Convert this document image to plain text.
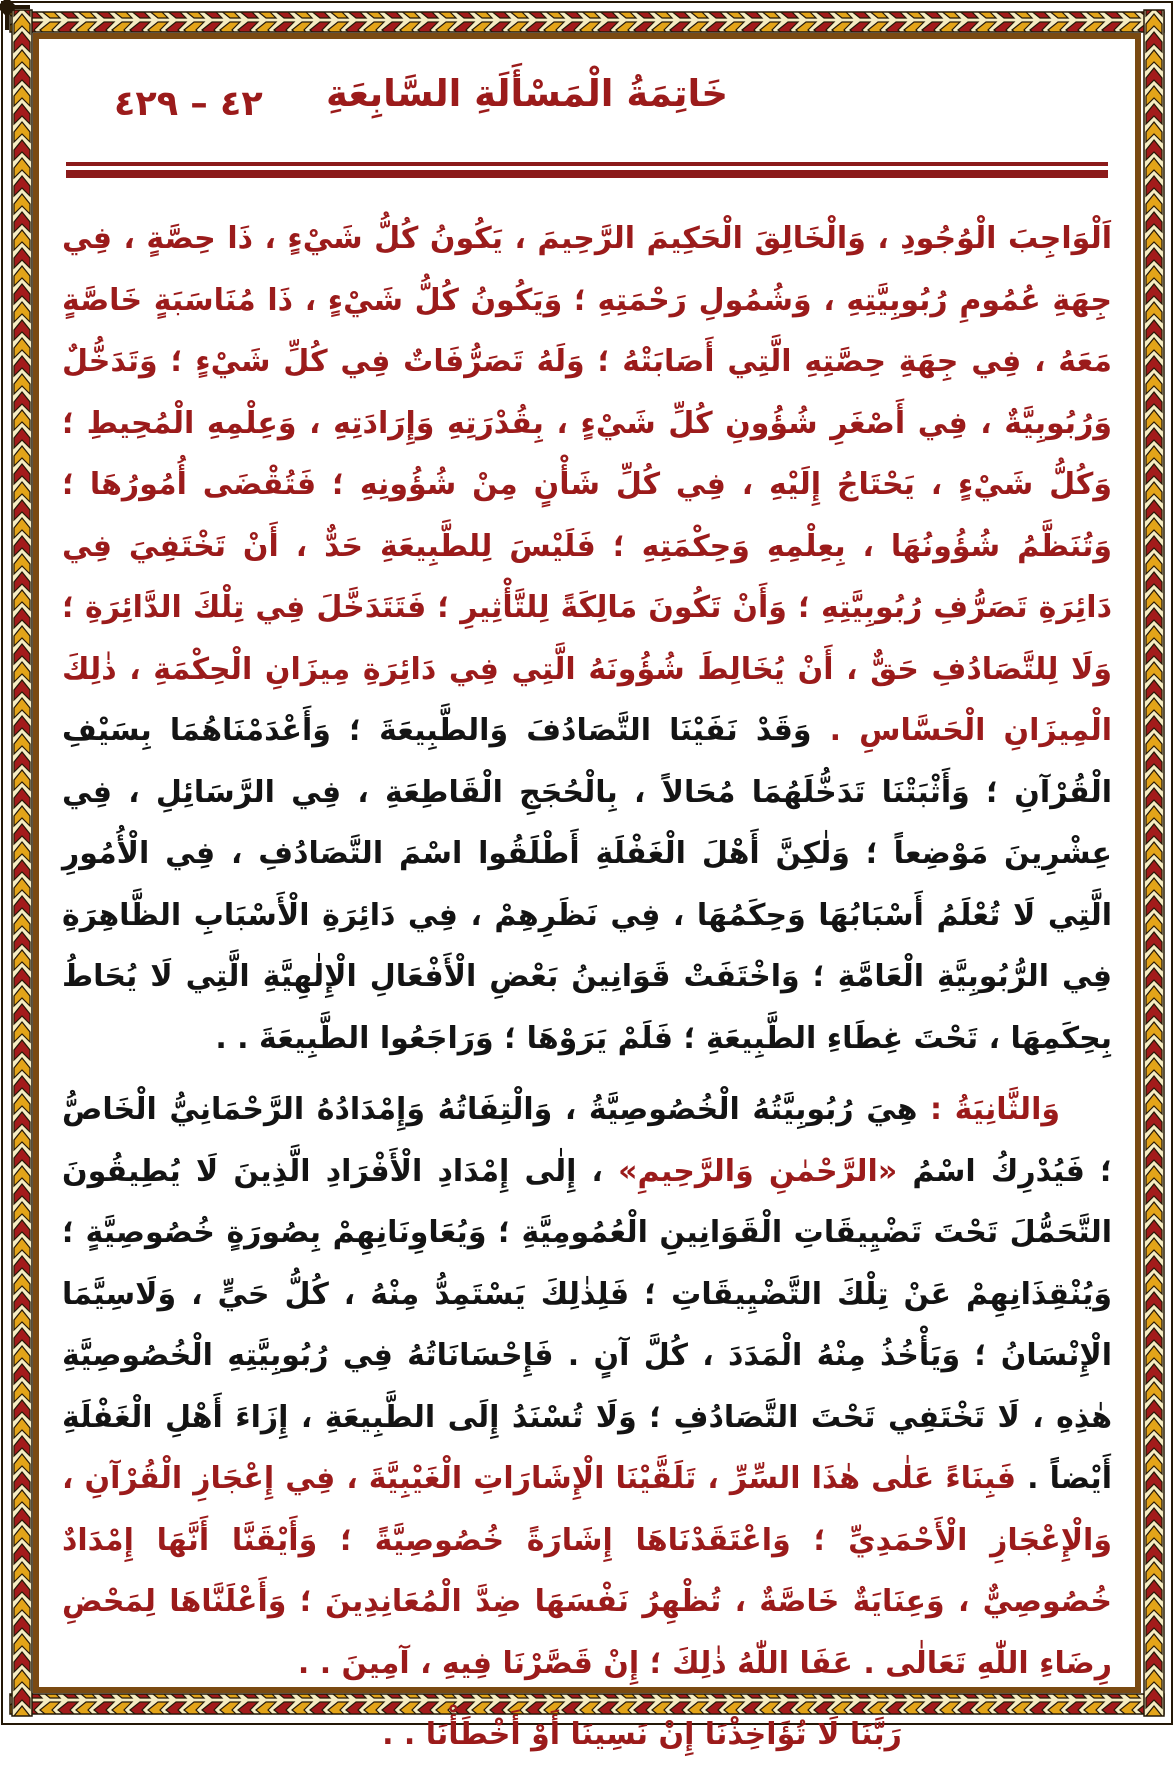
٤٢ – ٤٢٩	خَاتِمَةُ الْمَسْأَلَةِ السَّابِعَةِ

اَلْوَاجِبَ الْوُجُودِ ، وَالْخَالِقَ الْحَكِيمَ الرَّحِيمَ ، يَكُونُ كُلُّ شَيْءٍ ، ذَا حِصَّةٍ ، فِي جِهَةِ عُمُومِ رُبُوبِيَّتِهِ ، وَشُمُولِ رَحْمَتِهِ ؛ وَيَكُونُ كُلُّ شَيْءٍ ، ذَا مُنَاسَبَةٍ خَاصَّةٍ مَعَهُ ، فِي جِهَةِ حِصَّتِهِ الَّتِي أَصَابَتْهُ ؛ وَلَهُ تَصَرُّفَاتٌ فِي كُلِّ شَيْءٍ ؛ وَتَدَخُّلٌ وَرُبُوبِيَّةٌ ، فِي أَصْغَرِ شُؤُونِ كُلِّ شَيْءٍ ، بِقُدْرَتِهِ وَإِرَادَتِهِ ، وَعِلْمِهِ الْمُحِيطِ ؛ وَكُلُّ شَيْءٍ ، يَحْتَاجُ إِلَيْهِ ، فِي كُلِّ شَأْنٍ مِنْ شُؤُونِهِ ؛ فَتُقْضَى أُمُورُهَا ؛ وَتُنَظَّمُ شُؤُونُهَا ، بِعِلْمِهِ وَحِكْمَتِهِ ؛ فَلَيْسَ لِلطَّبِيعَةِ حَدٌّ ، أَنْ تَخْتَفِيَ فِي دَائِرَةِ تَصَرُّفِ رُبُوبِيَّتِهِ ؛ وَأَنْ تَكُونَ مَالِكَةً لِلتَّأْثِيرِ ؛ فَتَتَدَخَّلَ فِي تِلْكَ الدَّائِرَةِ ؛ وَلَا لِلتَّصَادُفِ حَقٌّ ، أَنْ يُخَالِطَ شُؤُونَهُ الَّتِي فِي دَائِرَةِ مِيزَانِ الْحِكْمَةِ ، ذٰلِكَ الْمِيزَانِ الْحَسَّاسِ . وَقَدْ نَفَيْنَا التَّصَادُفَ وَالطَّبِيعَةَ ؛ وَأَعْدَمْنَاهُمَا بِسَيْفِ الْقُرْآنِ ؛ وَأَثْبَتْنَا تَدَخُّلَهُمَا مُحَالاً ، بِالْحُجَجِ الْقَاطِعَةِ ، فِي الرَّسَائِلِ ، فِي عِشْرِينَ مَوْضِعاً ؛ وَلٰكِنَّ أَهْلَ الْغَفْلَةِ أَطْلَقُوا اسْمَ التَّصَادُفِ ، فِي الْأُمُورِ الَّتِي لَا تُعْلَمُ أَسْبَابُهَا وَحِكَمُهَا ، فِي نَظَرِهِمْ ، فِي دَائِرَةِ الْأَسْبَابِ الظَّاهِرَةِ فِي الرُّبُوبِيَّةِ الْعَامَّةِ ؛ وَاخْتَفَتْ قَوَانِينُ بَعْضِ الْأَفْعَالِ الْإِلٰهِيَّةِ الَّتِي لَا يُحَاطُ بِحِكَمِهَا ، تَحْتَ غِطَاءِ الطَّبِيعَةِ ؛ فَلَمْ يَرَوْهَا ؛ وَرَاجَعُوا الطَّبِيعَةَ . .

وَالثَّانِيَةُ : هِيَ رُبُوبِيَّتُهُ الْخُصُوصِيَّةُ ، وَالْتِفَاتُهُ وَإِمْدَادُهُ الرَّحْمَانِيُّ الْخَاصُّ ؛ فَيُدْرِكُ اسْمُ «الرَّحْمٰنِ وَالرَّحِيمِ» ، إِلٰى إِمْدَادِ الْأَفْرَادِ الَّذِينَ لَا يُطِيقُونَ التَّحَمُّلَ تَحْتَ تَضْيِيقَاتِ الْقَوَانِينِ الْعُمُومِيَّةِ ؛ وَيُعَاوِنَانِهِمْ بِصُورَةٍ خُصُوصِيَّةٍ ؛ وَيُنْقِذَانِهِمْ عَنْ تِلْكَ التَّضْيِيقَاتِ ؛ فَلِذٰلِكَ يَسْتَمِدُّ مِنْهُ ، كُلُّ حَيٍّ ، وَلَاسِيَّمَا الْإِنْسَانُ ؛ وَيَأْخُذُ مِنْهُ الْمَدَدَ ، كُلَّ آنٍ . فَإِحْسَانَاتُهُ فِي رُبُوبِيَّتِهِ الْخُصُوصِيَّةِ هٰذِهِ ، لَا تَخْتَفِي تَحْتَ التَّصَادُفِ ؛ وَلَا تُسْنَدُ إِلَى الطَّبِيعَةِ ، إِزَاءَ أَهْلِ الْغَفْلَةِ أَيْضاً . فَبِنَاءً عَلٰى هٰذَا السِّرِّ ، تَلَقَّيْنَا الْإِشَارَاتِ الْغَيْبِيَّةَ ، فِي إِعْجَازِ الْقُرْآنِ ، وَالْإِعْجَازِ الْأَحْمَدِيِّ ؛ وَاعْتَقَدْنَاهَا إِشَارَةً خُصُوصِيَّةً ؛ وَأَيْقَنَّا أَنَّهَا إِمْدَادٌ خُصُوصِيٌّ ، وَعِنَايَةٌ خَاصَّةٌ ، تُظْهِرُ نَفْسَهَا ضِدَّ الْمُعَانِدِينَ ؛ وَأَعْلَنَّاهَا لِمَحْضِ رِضَاءِ اللّٰهِ تَعَالٰى . عَفَا اللّٰهُ ذٰلِكَ ؛ إِنْ قَصَّرْنَا فِيهِ ، آمِينَ . .

رَبَّنَا لَا تُؤَاخِذْنَا إِنْ نَسِينَا أَوْ أَخْطَأْنَا . .
